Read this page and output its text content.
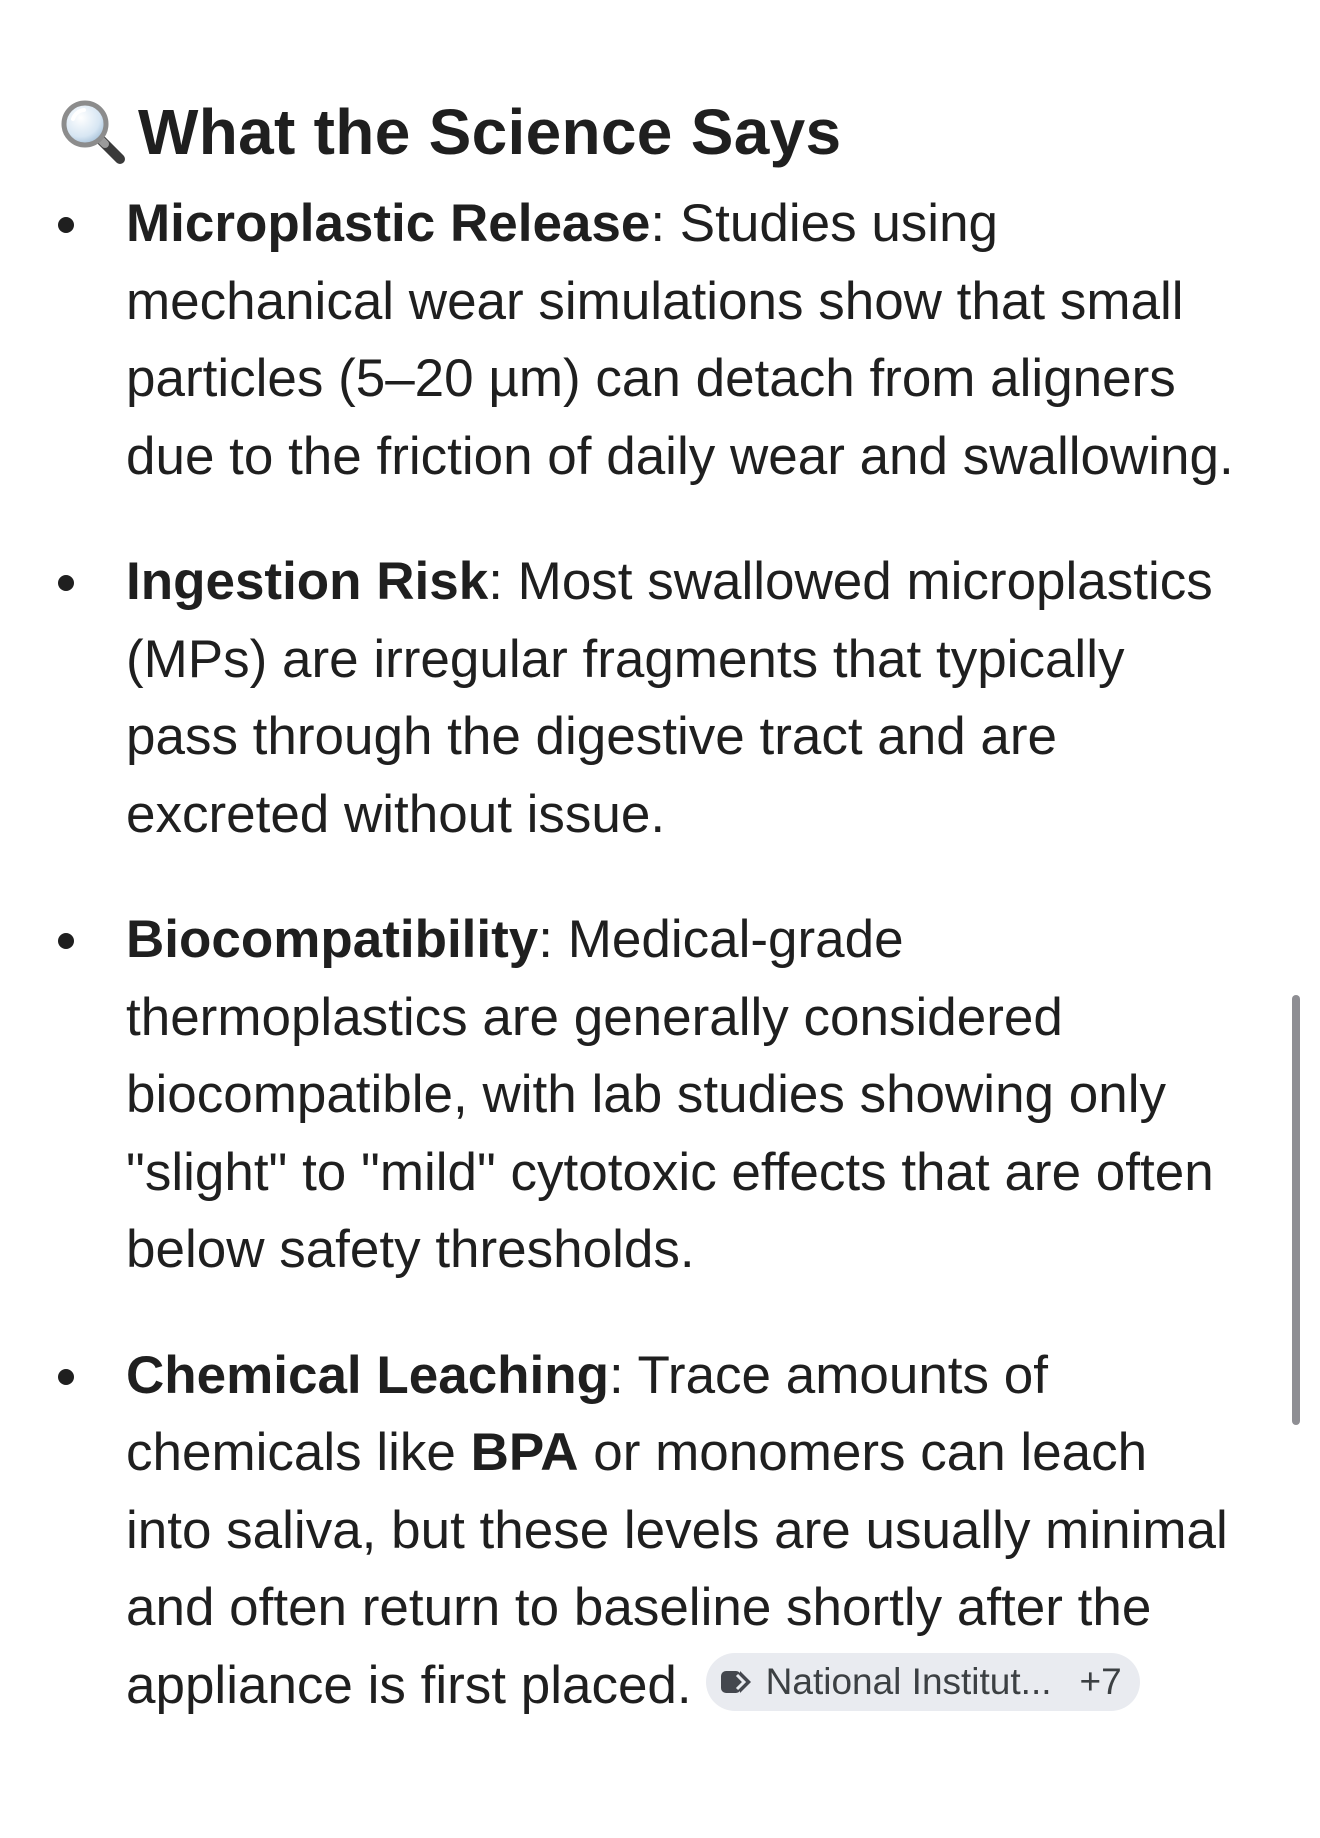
What the Science Says
Microplastic Release: Studies using mechanical wear simulations show that small particles (5–20 µm) can detach from aligners due to the friction of daily wear and swallowing.
Ingestion Risk: Most swallowed microplastics (MPs) are irregular fragments that typically pass through the digestive tract and are excreted without issue.
Biocompatibility: Medical-grade thermoplastics are generally considered biocompatible, with lab studies showing only "slight" to "mild" cytotoxic effects that are often below safety thresholds.
Chemical Leaching: Trace amounts of chemicals like BPA or monomers can leach into saliva, but these levels are usually minimal and often return to baseline shortly after the appliance is first placed. National Institut... +7
